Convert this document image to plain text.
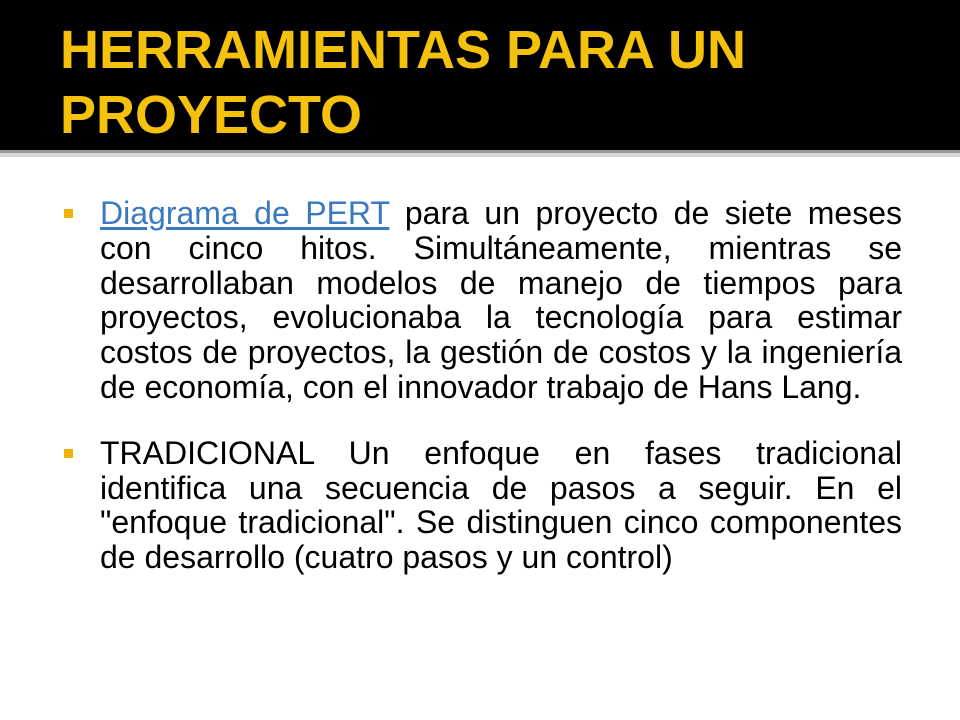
HERRAMIENTAS PARA UN PROYECTO

Diagrama de PERT para un proyecto de siete meses con cinco hitos. Simultáneamente, mientras se desarrollaban modelos de manejo de tiempos para proyectos, evolucionaba la tecnología para estimar costos de proyectos, la gestión de costos y la ingeniería de economía, con el innovador trabajo de Hans Lang.

TRADICIONAL Un enfoque en fases tradicional identifica una secuencia de pasos a seguir. En el "enfoque tradicional". Se distinguen cinco componentes de desarrollo (cuatro pasos y un control)
